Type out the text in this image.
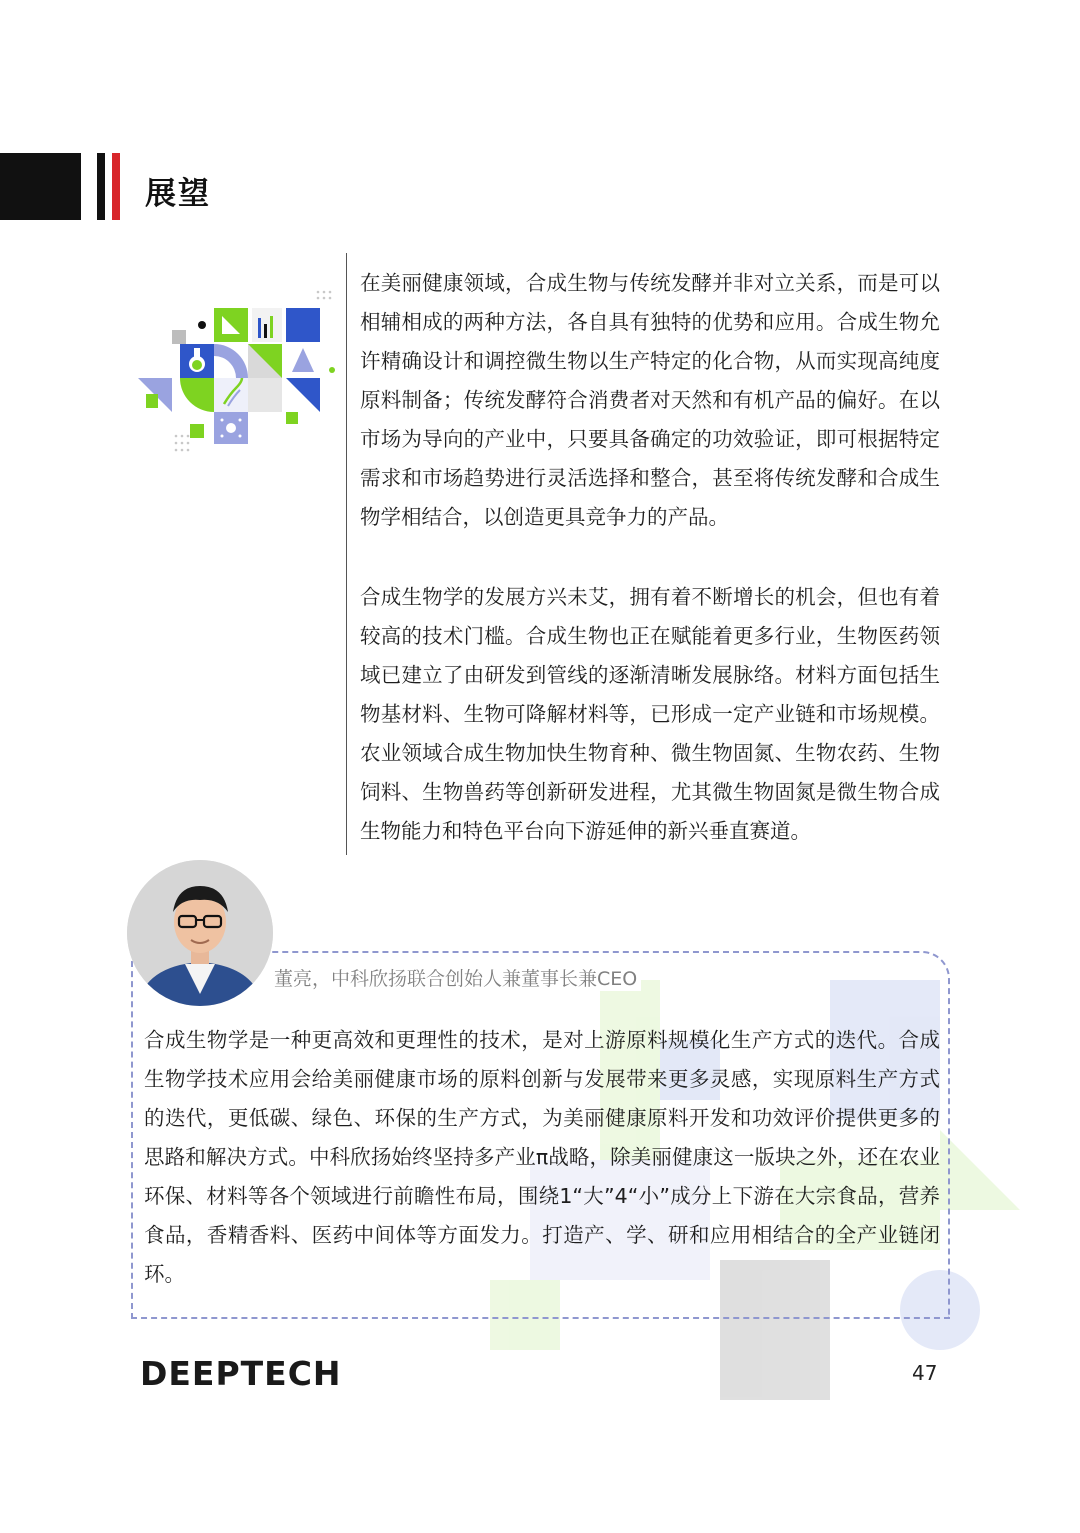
展望
在美丽健康领域，合成生物与传统发酵并非对立关系，而是可以相辅相成的两种方法，各自具有独特的优势和应用。合成生物允许精确设计和调控微生物以生产特定的化合物，从而实现高纯度原料制备；传统发酵符合消费者对天然和有机产品的偏好。在以市场为导向的产业中，只要具备确定的功效验证，即可根据特定需求和市场趋势进行灵活选择和整合，甚至将传统发酵和合成生物学相结合，以创造更具竞争力的产品。
合成生物学的发展方兴未艾，拥有着不断增长的机会，但也有着较高的技术门槛。合成生物也正在赋能着更多行业，生物医药领域已建立了由研发到管线的逐渐清晰发展脉络。材料方面包括生物基材料、生物可降解材料等，已形成一定产业链和市场规模。农业领域合成生物加快生物育种、微生物固氮、生物农药、生物饲料、生物兽药等创新研发进程，尤其微生物固氮是微生物合成生物能力和特色平台向下游延伸的新兴垂直赛道。
董亮，中科欣扬联合创始人兼董事长兼CEO
合成生物学是一种更高效和更理性的技术，是对上游原料规模化生产方式的迭代。合成生物学技术应用会给美丽健康市场的原料创新与发展带来更多灵感，实现原料生产方式的迭代，更低碳、绿色、环保的生产方式，为美丽健康原料开发和功效评价提供更多的思路和解决方式。中科欣扬始终坚持多产业π战略，除美丽健康这一版块之外，还在农业环保、材料等各个领域进行前瞻性布局，围绕1“大”4“小”成分上下游在大宗食品，营养食品，香精香料、医药中间体等方面发力。打造产、学、研和应用相结合的全产业链闭环。
DEEPTECH	47
